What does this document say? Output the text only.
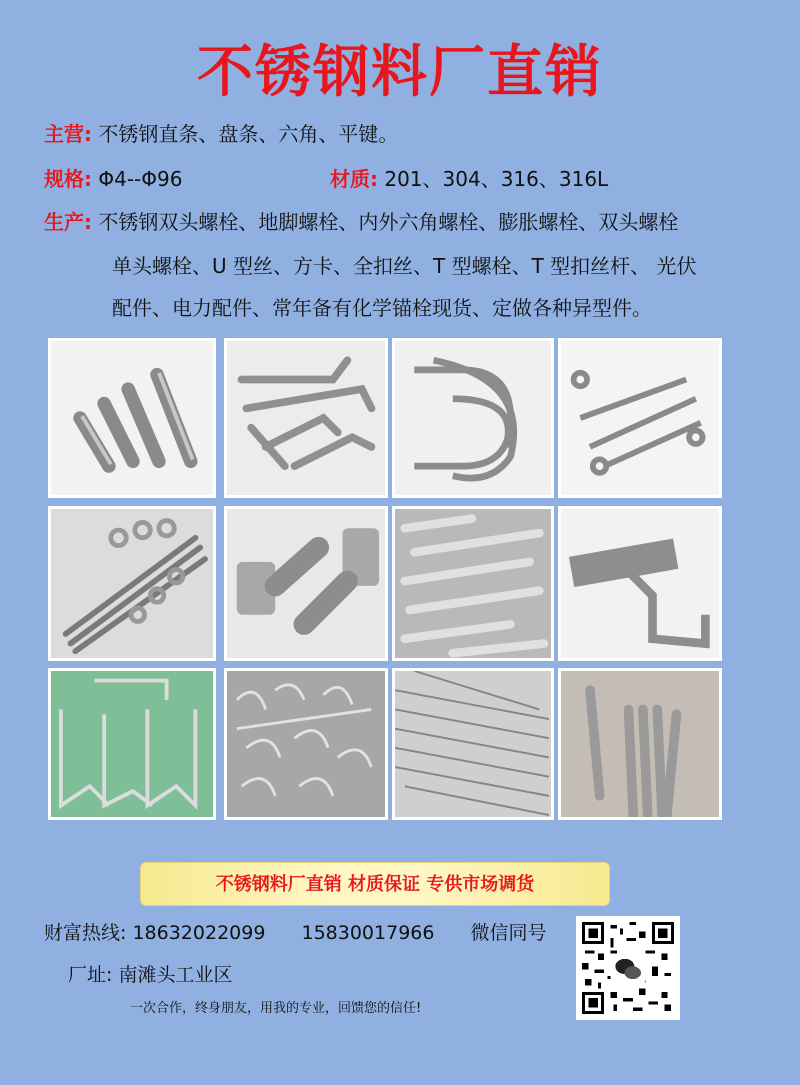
不锈钢料厂直销
主营: 不锈钢直条、盘条、六角、平键。
规格: Φ4--Φ96	材质: 201、304、316、316L
生产: 不锈钢双头螺栓、地脚螺栓、内外六角螺栓、膨胀螺栓、双头螺栓
单头螺栓、U 型丝、方卡、全扣丝、T 型螺栓、T 型扣丝杆、 光伏
配件、电力配件、常年备有化学锚栓现货、定做各种异型件。
不锈钢料厂直销 材质保证 专供市场调货
财富热线: 18632022099 15830017966 微信同号
厂址: 南滩头工业区
一次合作，终身朋友，用我的专业，回馈您的信任!
